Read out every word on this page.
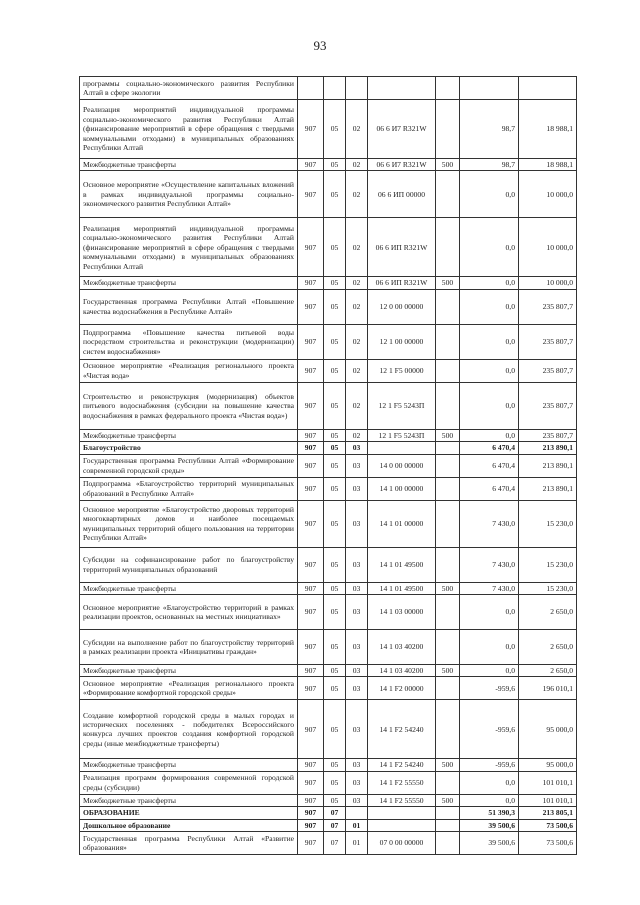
93
программы социально-экономического развития Республики Алтай в сфере экологии							
Реализация мероприятий индивидуальной программы социально-экономического развития Республики Алтай (финансирование мероприятий в сфере обращения с твердыми коммунальными отходами) в муниципальных образованиях Республики Алтай	907	05	02	06 6 И7 R321W		98,7	18 988,1
Межбюджетные трансферты	907	05	02	06 6 И7 R321W	500	98,7	18 988,1
Основное мероприятие «Осуществление капитальных вложений в рамках индивидуальной программы социально-экономического развития Республики Алтай»	907	05	02	06 6 ИП 00000		0,0	10 000,0
Реализация мероприятий индивидуальной программы социально-экономического развития Республики Алтай (финансирование мероприятий в сфере обращения с твердыми коммунальными отходами) в муниципальных образованиях Республики Алтай	907	05	02	06 6 ИП R321W		0,0	10 000,0
Межбюджетные трансферты	907	05	02	06 6 ИП R321W	500	0,0	10 000,0
Государственная программа Республики Алтай «Повышение качества водоснабжения в Республике Алтай»	907	05	02	12 0 00 00000		0,0	235 807,7
Подпрограмма «Повышение качества питьевой воды посредством строительства и реконструкции (модернизации) систем водоснабжения»	907	05	02	12 1 00 00000		0,0	235 807,7
Основное мероприятие «Реализация регионального проекта «Чистая вода»	907	05	02	12 1 F5 00000		0,0	235 807,7
Строительство и реконструкция (модернизация) объектов питьевого водоснабжения (субсидии на повышение качества водоснабжения в рамках федерального проекта «Чистая вода»)	907	05	02	12 1 F5 5243П		0,0	235 807,7
Межбюджетные трансферты	907	05	02	12 1 F5 5243П	500	0,0	235 807,7
Благоустройство	907	05	03			6 470,4	213 890,1
Государственная программа Республики Алтай «Формирование современной городской среды»	907	05	03	14 0 00 00000		6 470,4	213 890,1
Подпрограмма «Благоустройство территорий муниципальных образований в Республике Алтай»	907	05	03	14 1 00 00000		6 470,4	213 890,1
Основное мероприятие «Благоустройство дворовых территорий многоквартирных домов и наиболее посещаемых муниципальных территорий общего пользования на территории Республики Алтай»	907	05	03	14 1 01 00000		7 430,0	15 230,0
Субсидии на софинансирование работ по благоустройству территорий муниципальных образований	907	05	03	14 1 01 49500		7 430,0	15 230,0
Межбюджетные трансферты	907	05	03	14 1 01 49500	500	7 430,0	15 230,0
Основное мероприятие «Благоустройство территорий в рамках реализации проектов, основанных на местных инициативах»	907	05	03	14 1 03 00000		0,0	2 650,0
Субсидии на выполнение работ по благоустройству территорий в рамках реализации проекта «Инициативы граждан»	907	05	03	14 1 03 40200		0,0	2 650,0
Межбюджетные трансферты	907	05	03	14 1 03 40200	500	0,0	2 650,0
Основное мероприятие «Реализация регионального проекта «Формирование комфортной городской среды»	907	05	03	14 1 F2 00000		-959,6	196 010,1
Создание комфортной городской среды в малых городах и исторических поселениях - победителях Всероссийского конкурса лучших проектов создания комфортной городской среды (иные межбюджетные трансферты)	907	05	03	14 1 F2 54240		-959,6	95 000,0
Межбюджетные трансферты	907	05	03	14 1 F2 54240	500	-959,6	95 000,0
Реализация программ формирования современной городской среды (субсидии)	907	05	03	14 1 F2 55550		0,0	101 010,1
Межбюджетные трансферты	907	05	03	14 1 F2 55550	500	0,0	101 010,1
ОБРАЗОВАНИЕ	907	07				51 390,3	213 805,1
Дошкольное образование	907	07	01			39 500,6	73 500,6
Государственная программа Республики Алтай «Развитие образования»	907	07	01	07 0 00 00000		39 500,6	73 500,6
